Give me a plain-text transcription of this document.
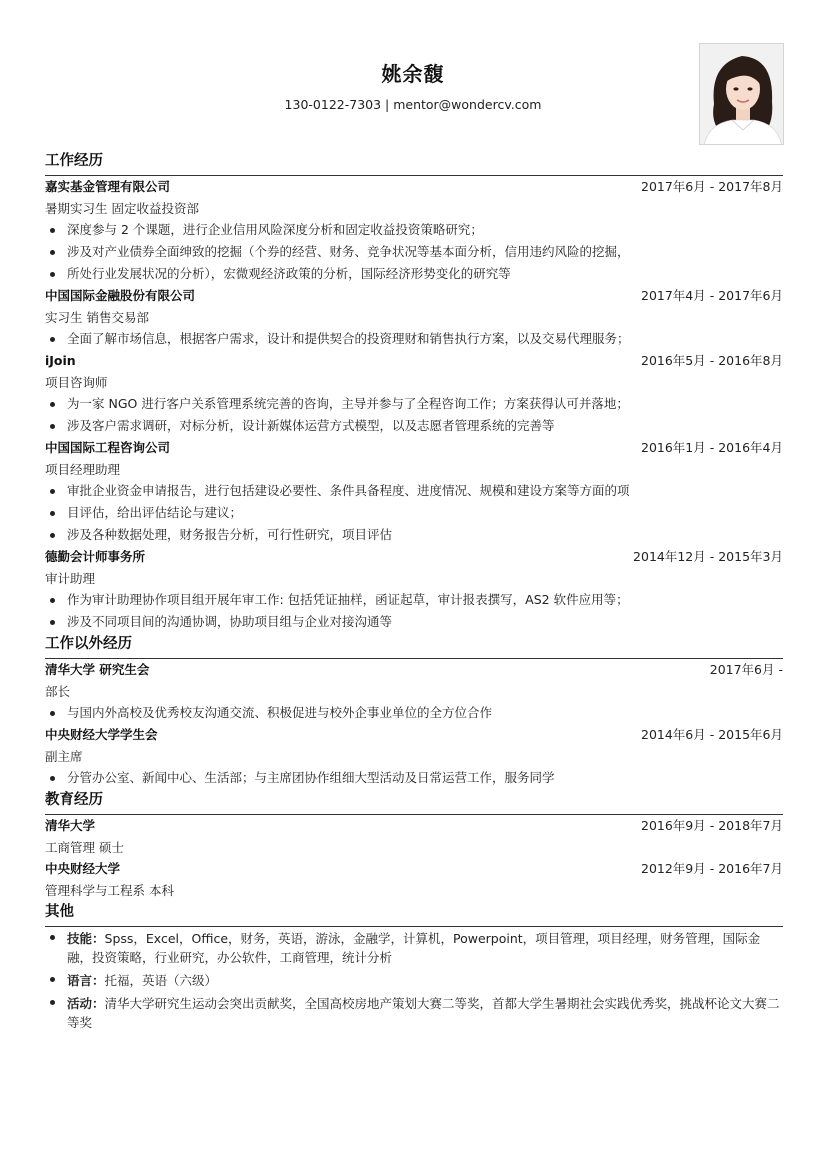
姚余馥
130-0122-7303 | mentor@wondercv.com
工作经历
嘉实基金管理有限公司	2017年6月 - 2017年8月
暑期实习生 固定收益投资部
深度参与 2 个课题，进行企业信用风险深度分析和固定收益投资策略研究；
涉及对产业债券全面绅致的挖掘（个券的经营、财务、竞争状况等基本面分析，信用违约风险的挖掘，
所处行业发展状况的分析），宏微观经济政策的分析，国际经济形势变化的研究等
中国国际金融股份有限公司	2017年4月 - 2017年6月
实习生 销售交易部
全面了解市场信息，根据客户需求，设计和提供契合的投资理财和销售执行方案，以及交易代理服务；
iJoin	2016年5月 - 2016年8月
项目咨询师
为一家 NGO 进行客户关系管理系统完善的咨询，主导并参与了全程咨询工作；方案获得认可并落地；
涉及客户需求调研，对标分析，设计新媒体运营方式模型，以及志愿者管理系统的完善等
中国国际工程咨询公司	2016年1月 - 2016年4月
项目经理助理
审批企业资金申请报告，进行包括建设必要性、条件具备程度、进度情况、规模和建设方案等方面的项
目评估，给出评估结论与建议；
涉及各种数据处理，财务报告分析，可行性研究，项目评估
德勤会计师事务所	2014年12月 - 2015年3月
审计助理
作为审计助理协作项目组开展年审工作: 包括凭证抽样，函证起草，审计报表撰写，AS2 软件应用等；
涉及不同项目间的沟通协调，协助项目组与企业对接沟通等
工作以外经历
清华大学 研究生会	2017年6月 -
部长
与国内外高校及优秀校友沟通交流、积极促进与校外企事业单位的全方位合作
中央财经大学学生会	2014年6月 - 2015年6月
副主席
分管办公室、新闻中心、生活部；与主席团协作组细大型活动及日常运营工作，服务同学
教育经历
清华大学	2016年9月 - 2018年7月
工商管理 硕士
中央财经大学	2012年9月 - 2016年7月
管理科学与工程系 本科
其他
技能：Spss，Excel，Office，财务，英语，游泳，金融学，计算机，Powerpoint，项目管理，项目经理，财务管理，国际金融，投资策略，行业研究，办公软件，工商管理，统计分析
语言：托福，英语（六级）
活动：清华大学研究生运动会突出贡献奖，全国高校房地产策划大赛二等奖，首都大学生暑期社会实践优秀奖，挑战杯论文大赛二等奖
